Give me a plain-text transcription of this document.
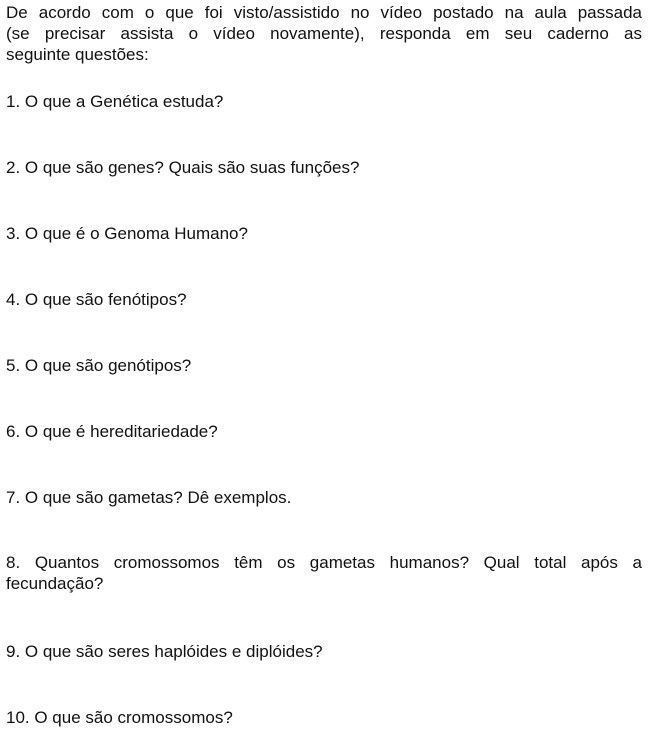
De acordo com o que foi visto/assistido no vídeo postado na aula passada
(se precisar assista o vídeo novamente), responda em seu caderno as
seguinte questões:

1. O que a Genética estuda?

2. O que são genes? Quais são suas funções?

3. O que é o Genoma Humano?

4. O que são fenótipos?

5. O que são genótipos?

6. O que é hereditariedade?

7. O que são gametas? Dê exemplos.

8. Quantos cromossomos têm os gametas humanos? Qual total após a
fecundação?

9. O que são seres haplóides e diplóides?

10. O que são cromossomos?
